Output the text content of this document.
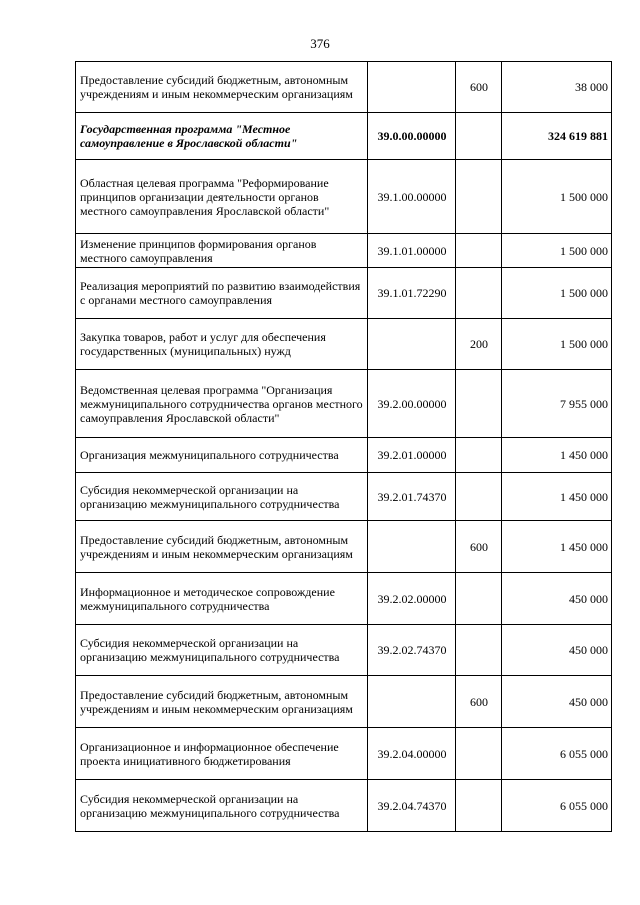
376
Предоставление субсидий бюджетным, автономным учреждениям и иным некоммерческим организациям		600	38 000
Государственная программа "Местное самоуправление в Ярославской области"	39.0.00.00000		324 619 881
Областная целевая программа "Реформирование принципов организации деятельности органов местного самоуправления Ярославской области"	39.1.00.00000		1 500 000
Изменение принципов формирования органов местного самоуправления	39.1.01.00000		1 500 000
Реализация мероприятий по развитию взаимодействия с органами местного самоуправления	39.1.01.72290		1 500 000
Закупка товаров, работ и услуг для обеспечения государственных (муниципальных) нужд		200	1 500 000
Ведомственная целевая программа "Организация межмуниципального сотрудничества органов местного самоуправления Ярославской области"	39.2.00.00000		7 955 000
Организация межмуниципального сотрудничества	39.2.01.00000		1 450 000
Субсидия некоммерческой организации на организацию межмуниципального сотрудничества	39.2.01.74370		1 450 000
Предоставление субсидий бюджетным, автономным учреждениям и иным некоммерческим организациям		600	1 450 000
Информационное и методическое сопровождение межмуниципального сотрудничества	39.2.02.00000		450 000
Субсидия некоммерческой организации на организацию межмуниципального сотрудничества	39.2.02.74370		450 000
Предоставление субсидий бюджетным, автономным учреждениям и иным некоммерческим организациям		600	450 000
Организационное и информационное обеспечение проекта инициативного бюджетирования	39.2.04.00000		6 055 000
Субсидия некоммерческой организации на организацию межмуниципального сотрудничества	39.2.04.74370		6 055 000
